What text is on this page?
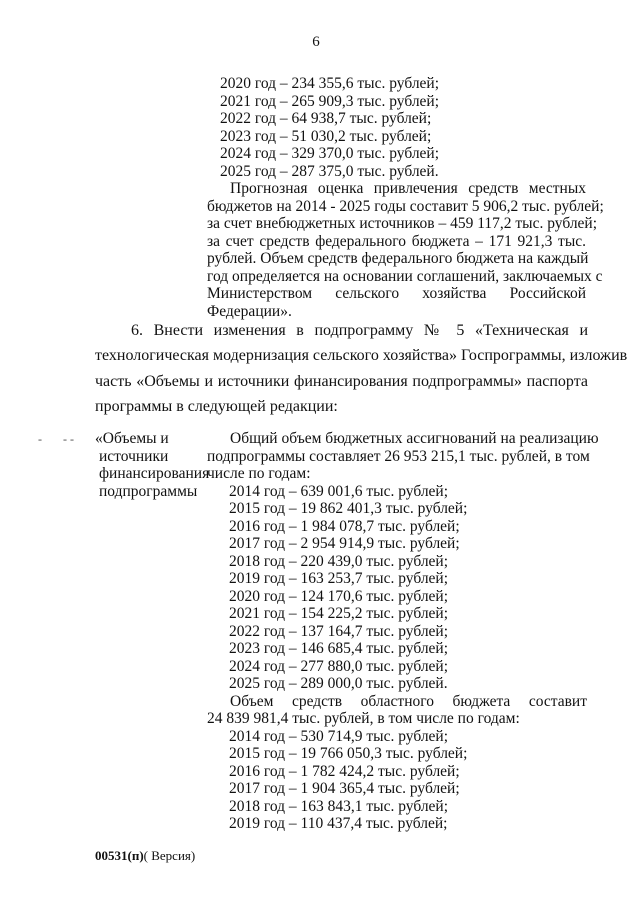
6
2020 год – 234 355,6 тыс. рублей;
2021 год – 265 909,3 тыс. рублей;
2022 год – 64 938,7 тыс. рублей;
2023 год – 51 030,2 тыс. рублей;
2024 год – 329 370,0 тыс. рублей;
2025 год – 287 375,0 тыс. рублей.
Прогнозная оценка привлечения средств местных
бюджетов на 2014 - 2025 годы составит 5 906,2 тыс. рублей;
за счет внебюджетных источников – 459 117,2 тыс. рублей;
за счет средств федерального бюджета – 171 921,3 тыс.
рублей. Объем средств федерального бюджета на каждый
год определяется на основании соглашений, заключаемых с
Министерством сельского хозяйства Российской
Федерации».
6. Внести изменения в подпрограмму № 5 «Техническая и
технологическая модернизация сельского хозяйства» Госпрограммы, изложив
часть «Объемы и источники финансирования подпрограммы» паспорта
программы в следующей редакции:
- - - «Объемы и
источники
финансирования
подпрограммы
Общий объем бюджетных ассигнований на реализацию
подпрограммы составляет 26 953 215,1 тыс. рублей, в том
числе по годам:
2014 год – 639 001,6 тыс. рублей;
2015 год – 19 862 401,3 тыс. рублей;
2016 год – 1 984 078,7 тыс. рублей;
2017 год – 2 954 914,9 тыс. рублей;
2018 год – 220 439,0 тыс. рублей;
2019 год – 163 253,7 тыс. рублей;
2020 год – 124 170,6 тыс. рублей;
2021 год – 154 225,2 тыс. рублей;
2022 год – 137 164,7 тыс. рублей;
2023 год – 146 685,4 тыс. рублей;
2024 год – 277 880,0 тыс. рублей;
2025 год – 289 000,0 тыс. рублей.
Объем средств областного бюджета составит
24 839 981,4 тыс. рублей, в том числе по годам:
2014 год – 530 714,9 тыс. рублей;
2015 год – 19 766 050,3 тыс. рублей;
2016 год – 1 782 424,2 тыс. рублей;
2017 год – 1 904 365,4 тыс. рублей;
2018 год – 163 843,1 тыс. рублей;
2019 год – 110 437,4 тыс. рублей;
00531(п)( Версия)
